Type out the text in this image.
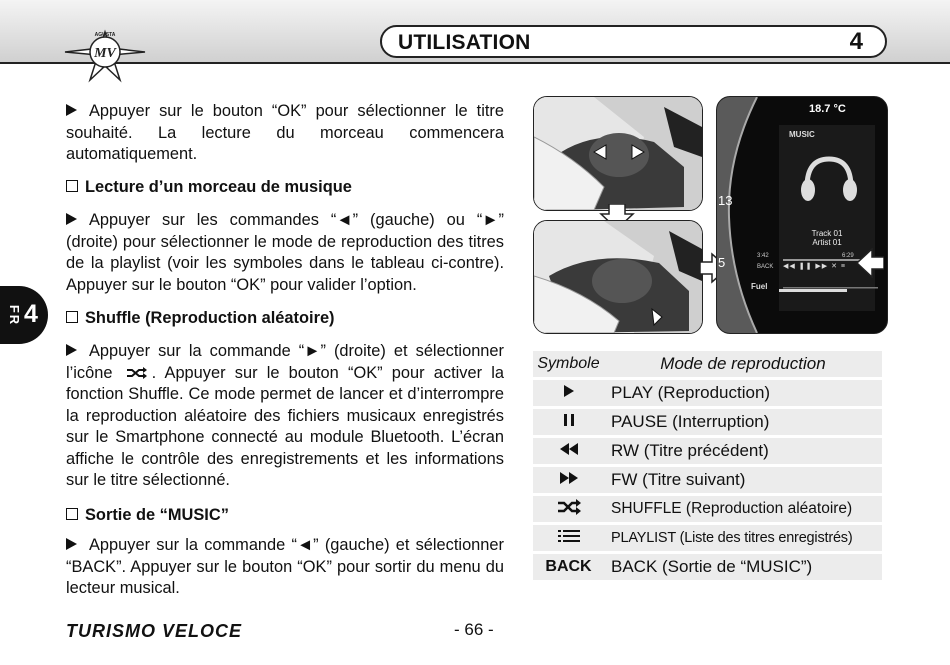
MV
AGUSTA	UTILISATION	4
FR 4
Appuyer sur le bouton “OK” pour sélectionner le titre souhaité. La lecture du morceau commencera automatiquement.
Lecture d’un morceau de musique
Appuyer sur les commandes “◄” (gauche) ou “►” (droite) pour sélectionner le mode de reproduction des titres de la playlist (voir les symboles dans le tableau ci-contre). Appuyer sur le bouton “OK” pour valider l’option.
Shuffle (Reproduction aléatoire)
Appuyer sur la commande “►” (droite) et sélectionner l’icône . Appuyer sur le bouton “OK” pour activer la fonction Shuffle. Ce mode permet de lancer et d’interrompre la reproduction aléatoire des fichiers musicaux enregistrés sur le Smartphone connecté au module Bluetooth. L’écran affiche le contrôle des enregistrements et les informations sur le titre sélectionné.
Sortie de “MUSIC”
Appuyer sur la commande “◄” (gauche) et sélectionner “BACK”. Appuyer sur le bouton “OK” pour sortir du menu du lecteur musical.
18.7 °C
MUSIC
Track 01
Artist 01
3:42	6:29
BACK ◀◀ ❚❚ ▶▶ ✕ ≡
Fuel
13
5
Symbole	Mode de reproduction
	PLAY (Reproduction)
	PAUSE (Interruption)
	RW (Titre précédent)
	FW (Titre suivant)
	SHUFFLE (Reproduction aléatoire)
	PLAYLIST (Liste des titres enregistrés)
BACK	BACK (Sortie de “MUSIC”)
TURISMO VELOCE	- 66 -
